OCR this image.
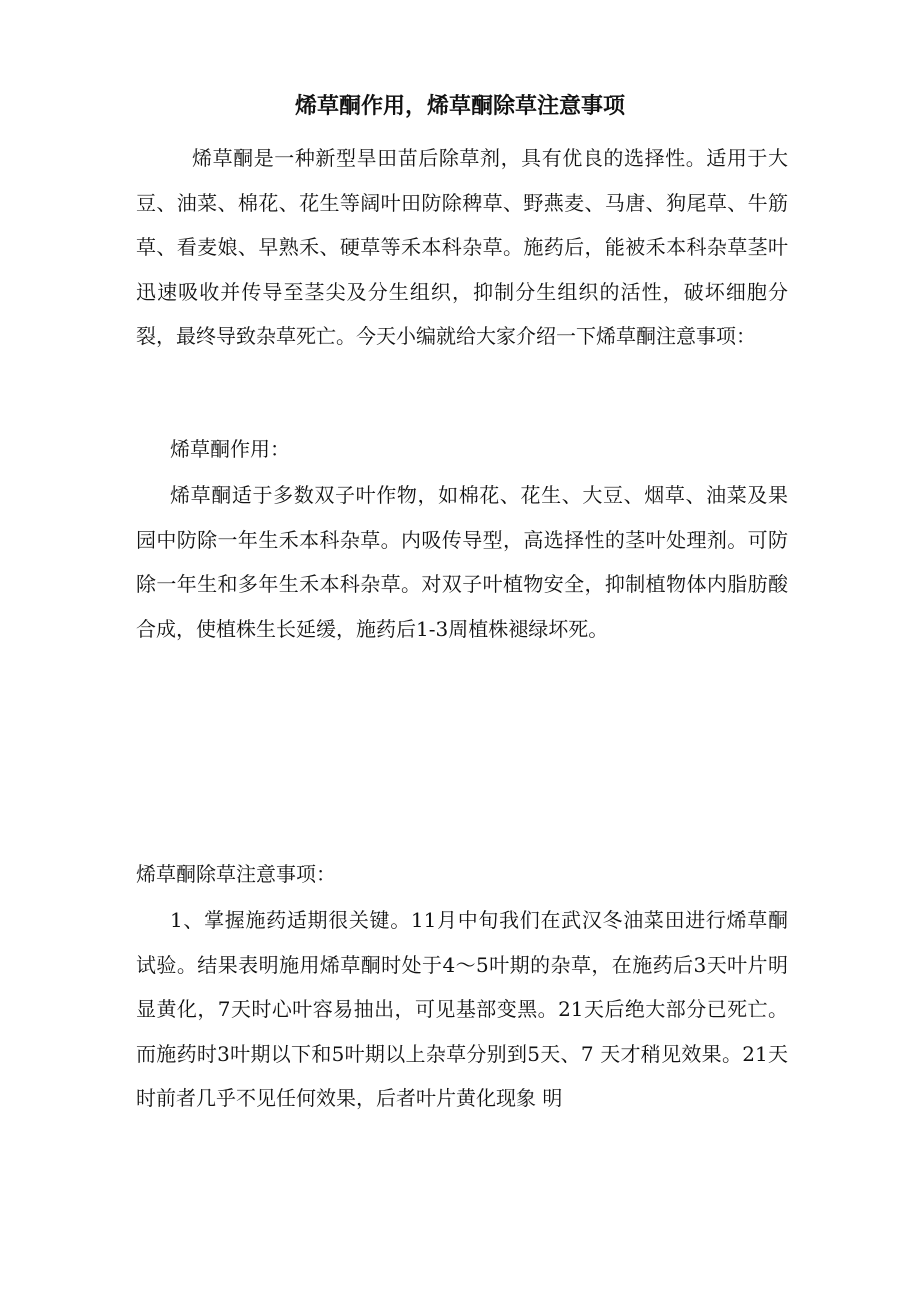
烯草酮作用，烯草酮除草注意事项

烯草酮是一种新型旱田苗后除草剂，具有优良的选择性。适用于大豆、油菜、棉花、花生等阔叶田防除稗草、野燕麦、马唐、狗尾草、牛筋草、看麦娘、早熟禾、硬草等禾本科杂草。施药后，能被禾本科杂草茎叶迅速吸收并传导至茎尖及分生组织，抑制分生组织的活性，破坏细胞分裂，最终导致杂草死亡。今天小编就给大家介绍一下烯草酮注意事项：

烯草酮作用：

烯草酮适于多数双子叶作物，如棉花、花生、大豆、烟草、油菜及果园中防除一年生禾本科杂草。内吸传导型，高选择性的茎叶处理剂。可防除一年生和多年生禾本科杂草。对双子叶植物安全，抑制植物体内脂肪酸合成，使植株生长延缓，施药后1-3周植株褪绿坏死。

烯草酮除草注意事项：

1、掌握施药适期很关键。11月中旬我们在武汉冬油菜田进行烯草酮试验。结果表明施用烯草酮时处于4〜5叶期的杂草，在施药后3天叶片明显黄化，7天时心叶容易抽出，可见基部变黑。21天后绝大部分已死亡。而施药时3叶期以下和5叶期以上杂草分别到5天、7 天才稍见效果。21天时前者几乎不见任何效果，后者叶片黄化现象 明
